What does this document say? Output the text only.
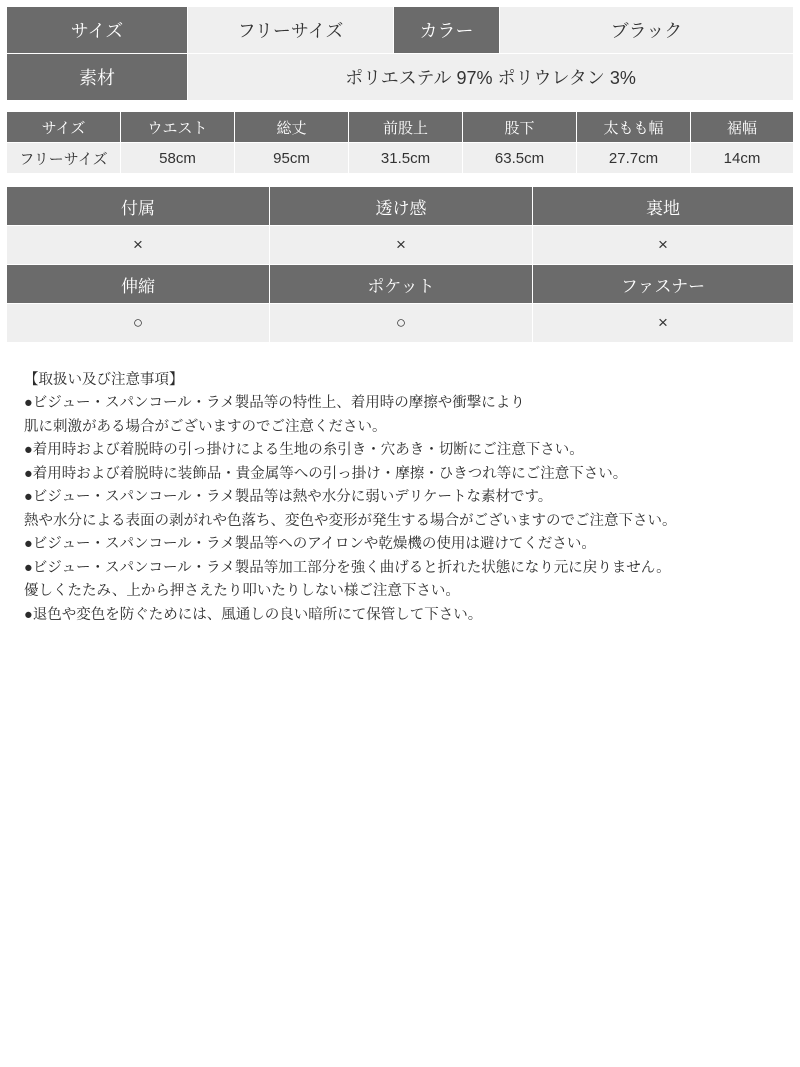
サイズ	フリーサイズ	カラー	ブラック
素材	ポリエステル 97% ポリウレタン 3%		
サイズ	ウエスト	総丈	前股上	股下	太もも幅	裾幅
フリーサイズ	58cm	95cm	31.5cm	63.5cm	27.7cm	14cm
付属	透け感	裏地
×	×	×
伸縮	ポケット	ファスナー
○	○	×
【取扱い及び注意事項】
●ビジュー・スパンコール・ラメ製品等の特性上、着用時の摩擦や衝撃により
肌に刺激がある場合がございますのでご注意ください。
●着用時および着脱時の引っ掛けによる生地の糸引き・穴あき・切断にご注意下さい。
●着用時および着脱時に装飾品・貴金属等への引っ掛け・摩擦・ひきつれ等にご注意下さい。
●ビジュー・スパンコール・ラメ製品等は熱や水分に弱いデリケートな素材です。
熱や水分による表面の剥がれや色落ち、変色や変形が発生する場合がございますのでご注意下さい。
●ビジュー・スパンコール・ラメ製品等へのアイロンや乾燥機の使用は避けてください。
●ビジュー・スパンコール・ラメ製品等加工部分を強く曲げると折れた状態になり元に戻りません。
優しくたたみ、上から押さえたり叩いたりしない様ご注意下さい。
●退色や変色を防ぐためには、風通しの良い暗所にて保管して下さい。
